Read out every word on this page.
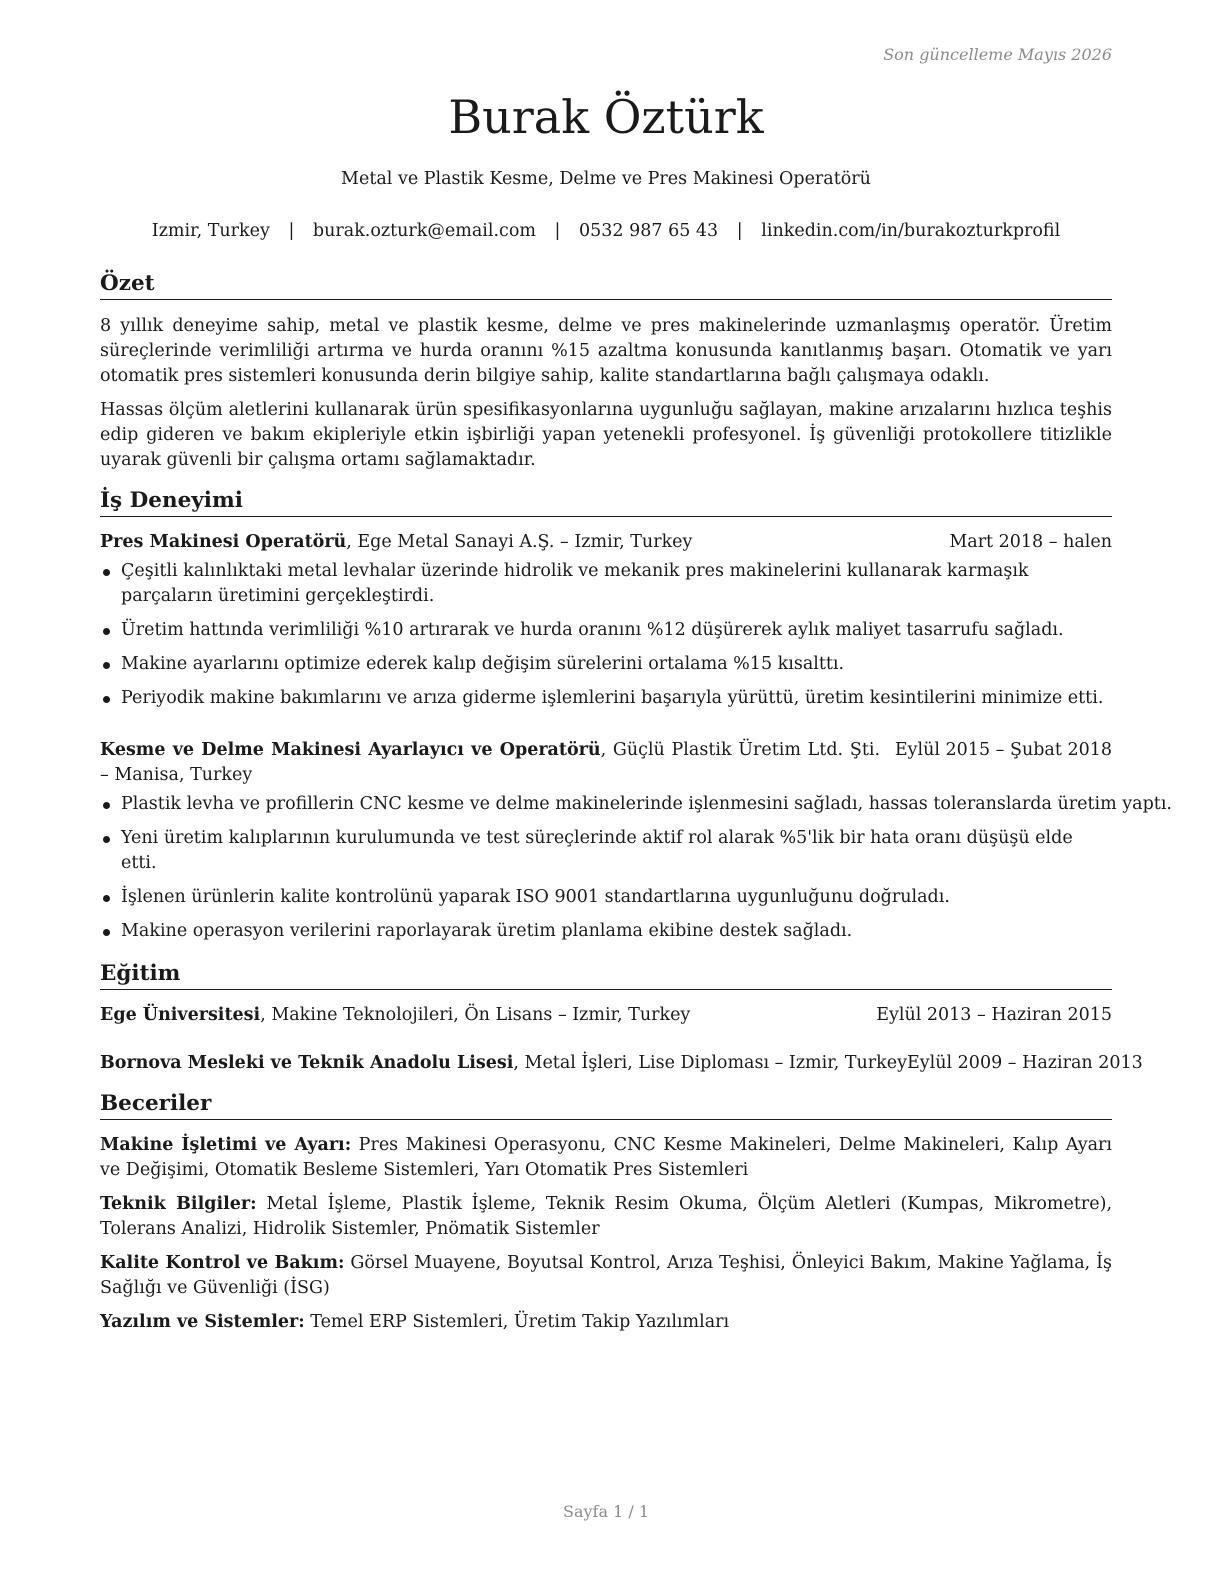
Son güncelleme Mayıs 2026
Burak Öztürk
Metal ve Plastik Kesme, Delme ve Pres Makinesi Operatörü
Izmir, Turkey | burak.ozturk@email.com | 0532 987 65 43 | linkedin.com/in/burakozturkprofil
Özet

8 yıllık deneyime sahip, metal ve plastik kesme, delme ve pres makinelerinde uzmanlaşmış operatör. Üretim süreçlerinde verimliliği artırma ve hurda oranını %15 azaltma konusunda kanıtlanmış başarı. Otomatik ve yarı otomatik pres sistemleri konusunda derin bilgiye sahip, kalite standartlarına bağlı çalışmaya odaklı.

Hassas ölçüm aletlerini kullanarak ürün spesifikasyonlarına uygunluğu sağlayan, makine arızalarını hızlıca teşhis edip gideren ve bakım ekipleriyle etkin işbirliği yapan yetenekli profesyonel. İş güvenliği protokollere titizlikle uyarak güvenli bir çalışma ortamı sağlamaktadır.

İş Deneyimi
Pres Makinesi Operatörü, Ege Metal Sanayi A.Ş. – Izmir, Turkey	Mart 2018 – halen
Çeşitli kalınlıktaki metal levhalar üzerinde hidrolik ve mekanik pres makinelerini kullanarak karmaşık parçaların üretimini gerçekleştirdi.
Üretim hattında verimliliği %10 artırarak ve hurda oranını %12 düşürerek aylık maliyet tasarrufu sağladı.
Makine ayarlarını optimize ederek kalıp değişim sürelerini ortalama %15 kısalttı.
Periyodik makine bakımlarını ve arıza giderme işlemlerini başarıyla yürüttü, üretim kesintilerini minimize etti.
Kesme ve Delme Makinesi Ayarlayıcı ve Operatörü, Güçlü Plastik Üretim Ltd. Şti. – Manisa, Turkey
Eylül 2015 – Şubat 2018
Plastik levha ve profillerin CNC kesme ve delme makinelerinde işlenmesini sağladı, hassas toleranslarda üretim yaptı.
Yeni üretim kalıplarının kurulumunda ve test süreçlerinde aktif rol alarak %5'lik bir hata oranı düşüşü elde etti.
İşlenen ürünlerin kalite kontrolünü yaparak ISO 9001 standartlarına uygunluğunu doğruladı.
Makine operasyon verilerini raporlayarak üretim planlama ekibine destek sağladı.
Eğitim
Ege Üniversitesi, Makine Teknolojileri, Ön Lisans – Izmir, Turkey	Eylül 2013 – Haziran 2015
Bornova Mesleki ve Teknik Anadolu Lisesi, Metal İşleri, Lise Diploması – Izmir, Turkey Eylül 2009 – Haziran 2013
Beceriler

Makine İşletimi ve Ayarı: Pres Makinesi Operasyonu, CNC Kesme Makineleri, Delme Makineleri, Kalıp Ayarı ve Değişimi, Otomatik Besleme Sistemleri, Yarı Otomatik Pres Sistemleri

Teknik Bilgiler: Metal İşleme, Plastik İşleme, Teknik Resim Okuma, Ölçüm Aletleri (Kumpas, Mikrometre), Tolerans Analizi, Hidrolik Sistemler, Pnömatik Sistemler

Kalite Kontrol ve Bakım: Görsel Muayene, Boyutsal Kontrol, Arıza Teşhisi, Önleyici Bakım, Makine Yağlama, İş Sağlığı ve Güvenliği (İSG)

Yazılım ve Sistemler: Temel ERP Sistemleri, Üretim Takip Yazılımları

Sayfa 1 / 1
